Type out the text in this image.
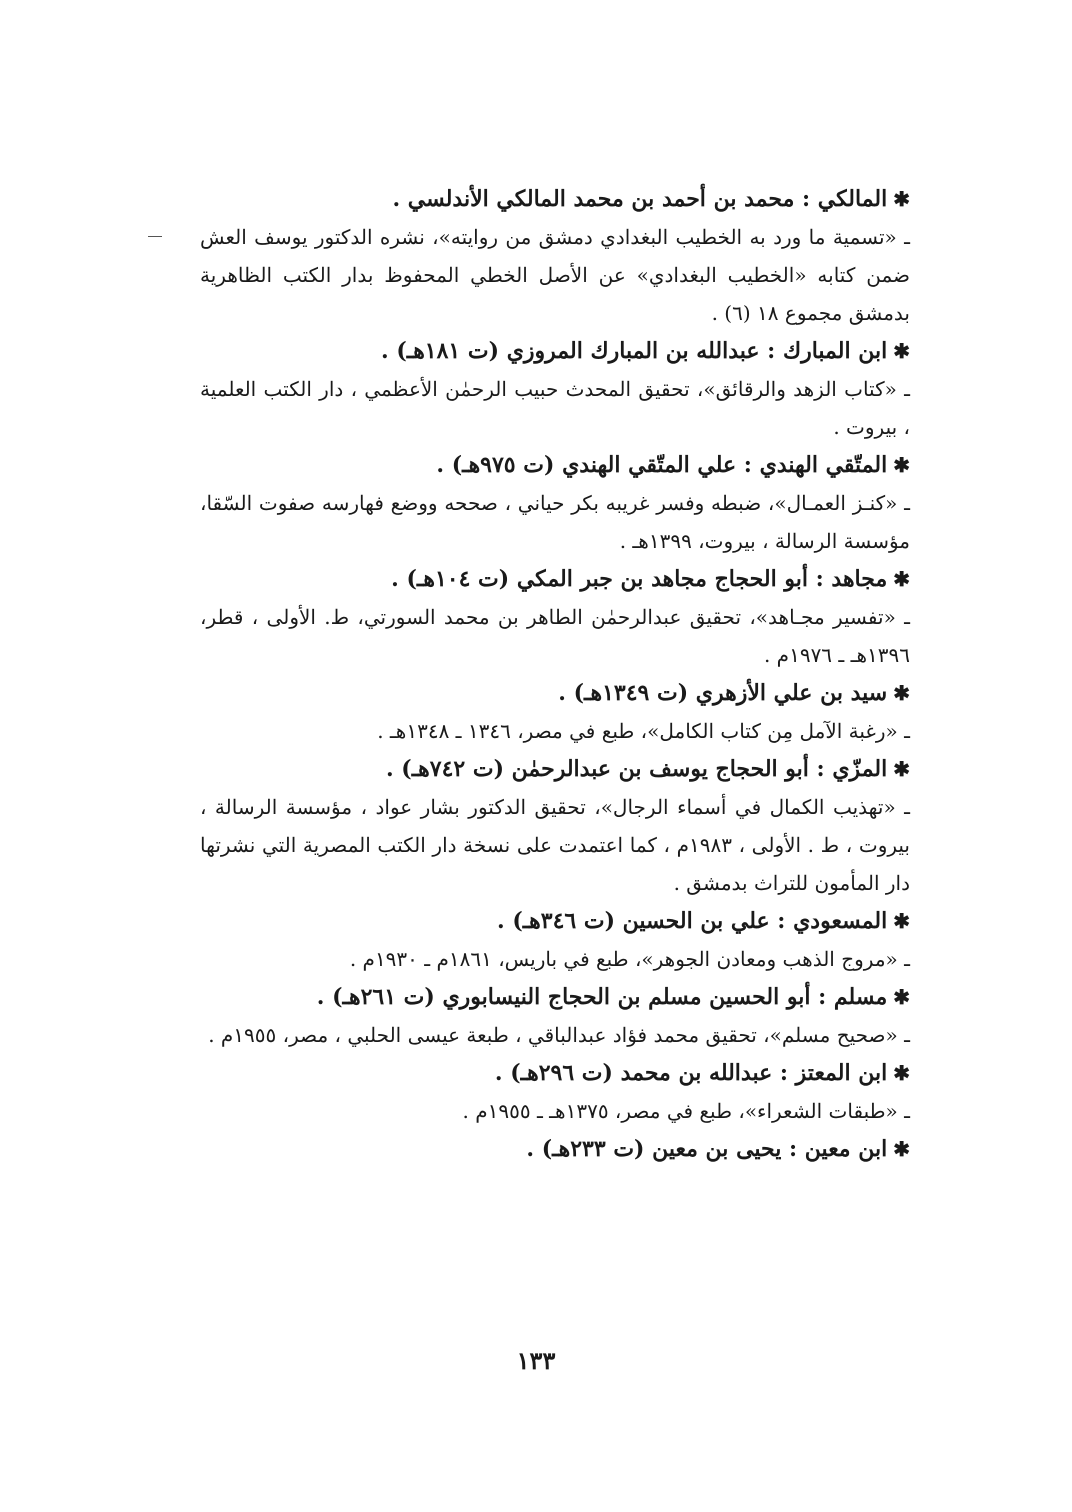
✱المالكي : محمد بن أحمد بن محمد المالكي الأندلسي .

ـ «تسمية ما ورد به الخطيب البغدادي دمشق من روايته»، نشره الدكتور يوسف العش ضمن كتابه «الخطيب البغدادي» عن الأصل الخطي المحفوظ بدار الكتب الظاهرية بدمشق مجموع ١٨ (٦) .

✱ابن المبارك : عبدالله بن المبارك المروزي (ت ١٨١هـ) .

ـ «كتاب الزهد والرقائق»، تحقيق المحدث حبيب الرحمٰن الأعظمي ، دار الكتب العلمية ، بيروت .

✱المتّقي الهندي : علي المتّقي الهندي (ت ٩٧٥هـ) .

ـ «كنـز العمـال»، ضبطه وفسر غريبه بكر حياني ، صححه ووضع فهارسه صفوت السّقا، مؤسسة الرسالة ، بيروت، ١٣٩٩هـ .

✱مجاهد : أبو الحجاج مجاهد بن جبر المكي (ت ١٠٤هـ) .

ـ «تفسير مجـاهد»، تحقيق عبدالرحمٰن الطاهر بن محمد السورتي، ط. الأولى ، قطر، ١٣٩٦هـ ـ ١٩٧٦م .

✱سيد بن علي الأزهري (ت ١٣٤٩هـ) .

ـ «رغبة الآمل مِن كتاب الكامل»، طبع في مصر، ١٣٤٦ ـ ١٣٤٨هـ .

✱المزّي : أبو الحجاج يوسف بن عبدالرحمٰن (ت ٧٤٢هـ) .

ـ «تهذيب الكمال في أسماء الرجال»، تحقيق الدكتور بشار عواد ، مؤسسة الرسالة ، بيروت ، ط . الأولى ، ١٩٨٣م ، كما اعتمدت على نسخة دار الكتب المصرية التي نشرتها دار المأمون للتراث بدمشق .

✱المسعودي : علي بن الحسين (ت ٣٤٦هـ) .

ـ «مروج الذهب ومعادن الجوهر»، طبع في باريس، ١٨٦١م ـ ١٩٣٠م .

✱مسلم : أبو الحسين مسلم بن الحجاج النيسابوري (ت ٢٦١هـ) .

ـ «صحيح مسلم»، تحقيق محمد فؤاد عبدالباقي ، طبعة عيسى الحلبي ، مصر، ١٩٥٥م .

✱ابن المعتز : عبدالله بن محمد (ت ٢٩٦هـ) .

ـ «طبقات الشعراء»، طبع في مصر، ١٣٧٥هـ ـ ١٩٥٥م .

✱ابن معين : يحيى بن معين (ت ٢٣٣هـ) .

١٣٣
